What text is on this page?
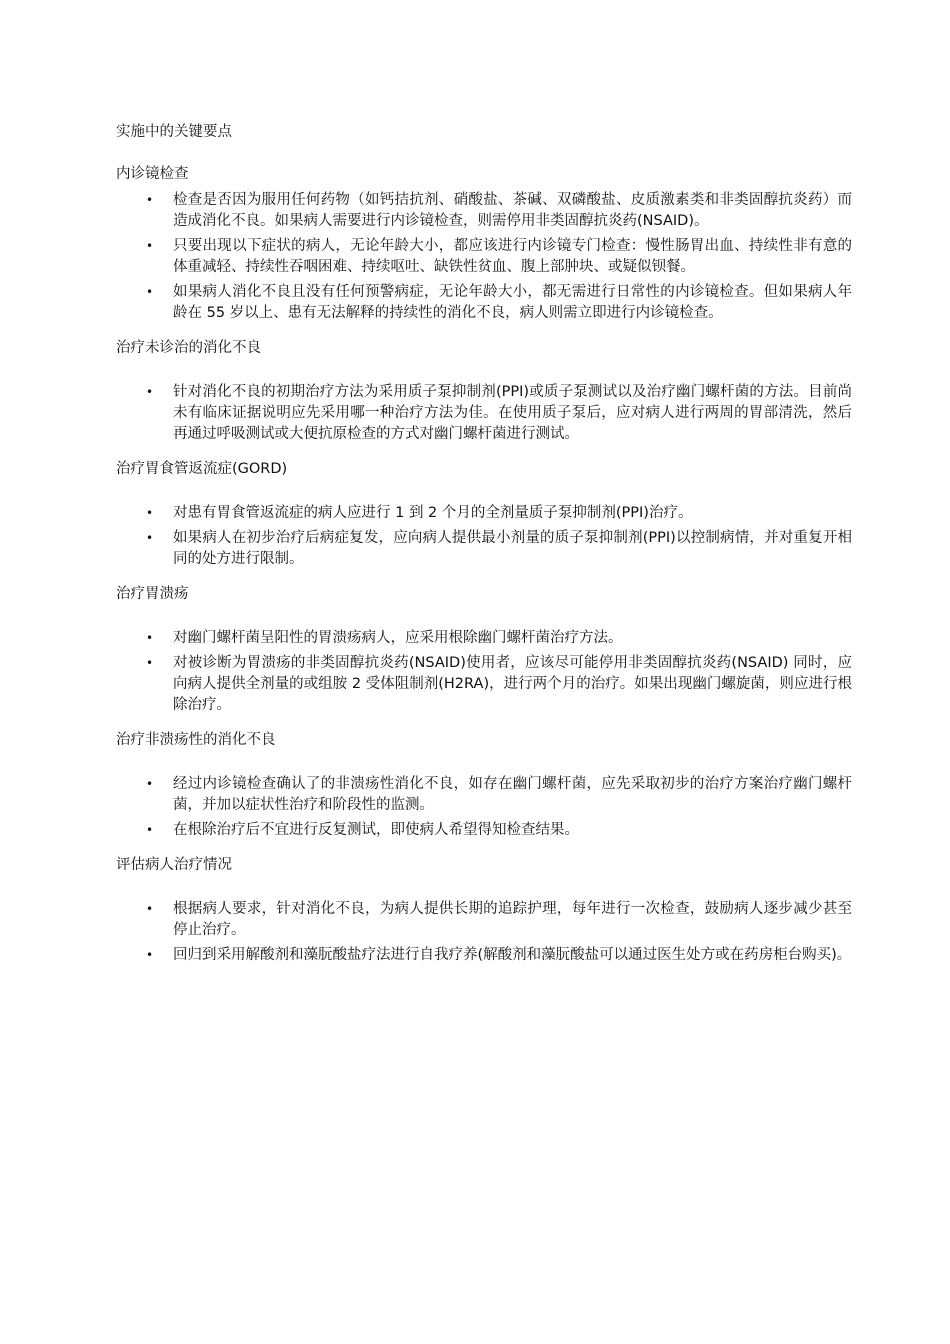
实施中的关键要点
内诊镜检查
• 检查是否因为服用任何药物（如钙拮抗剂、硝酸盐、茶碱、双磷酸盐、皮质激素类和非类固醇抗炎药）而造成消化不良。如果病人需要进行内诊镜检查，则需停用非类固醇抗炎药(NSAID)。
• 只要出现以下症状的病人，无论年龄大小，都应该进行内诊镜专门检查：慢性肠胃出血、持续性非有意的体重减轻、持续性吞咽困难、持续呕吐、缺铁性贫血、腹上部肿块、或疑似钡餐。
• 如果病人消化不良且没有任何预警病症，无论年龄大小，都无需进行日常性的内诊镜检查。但如果病人年龄在 55 岁以上、患有无法解释的持续性的消化不良，病人则需立即进行内诊镜检查。
治疗未诊治的消化不良
• 针对消化不良的初期治疗方法为采用质子泵抑制剂(PPI)或质子泵测试以及治疗幽门螺杆菌的方法。目前尚未有临床证据说明应先采用哪一种治疗方法为佳。在使用质子泵后，应对病人进行两周的胃部清洗，然后再通过呼吸测试或大便抗原检查的方式对幽门螺杆菌进行测试。
治疗胃食管返流症(GORD)
• 对患有胃食管返流症的病人应进行 1 到 2 个月的全剂量质子泵抑制剂(PPI)治疗。
• 如果病人在初步治疗后病症复发，应向病人提供最小剂量的质子泵抑制剂(PPI)以控制病情，并对重复开相同的处方进行限制。
治疗胃溃疡
• 对幽门螺杆菌呈阳性的胃溃疡病人，应采用根除幽门螺杆菌治疗方法。
• 对被诊断为胃溃疡的非类固醇抗炎药(NSAID)使用者，应该尽可能停用非类固醇抗炎药(NSAID) 同时，应向病人提供全剂量的或组胺 2 受体阻制剂(H2RA)，进行两个月的治疗。如果出现幽门螺旋菌，则应进行根除治疗。
治疗非溃疡性的消化不良
• 经过内诊镜检查确认了的非溃疡性消化不良，如存在幽门螺杆菌，应先采取初步的治疗方案治疗幽门螺杆菌，并加以症状性治疗和阶段性的监测。
• 在根除治疗后不宜进行反复测试，即使病人希望得知检查结果。
评估病人治疗情况
• 根据病人要求，针对消化不良，为病人提供长期的追踪护理，每年进行一次检查，鼓励病人逐步减少甚至停止治疗。
• 回归到采用解酸剂和藻朊酸盐疗法进行自我疗养(解酸剂和藻朊酸盐可以通过医生处方或在药房柜台购买)。
